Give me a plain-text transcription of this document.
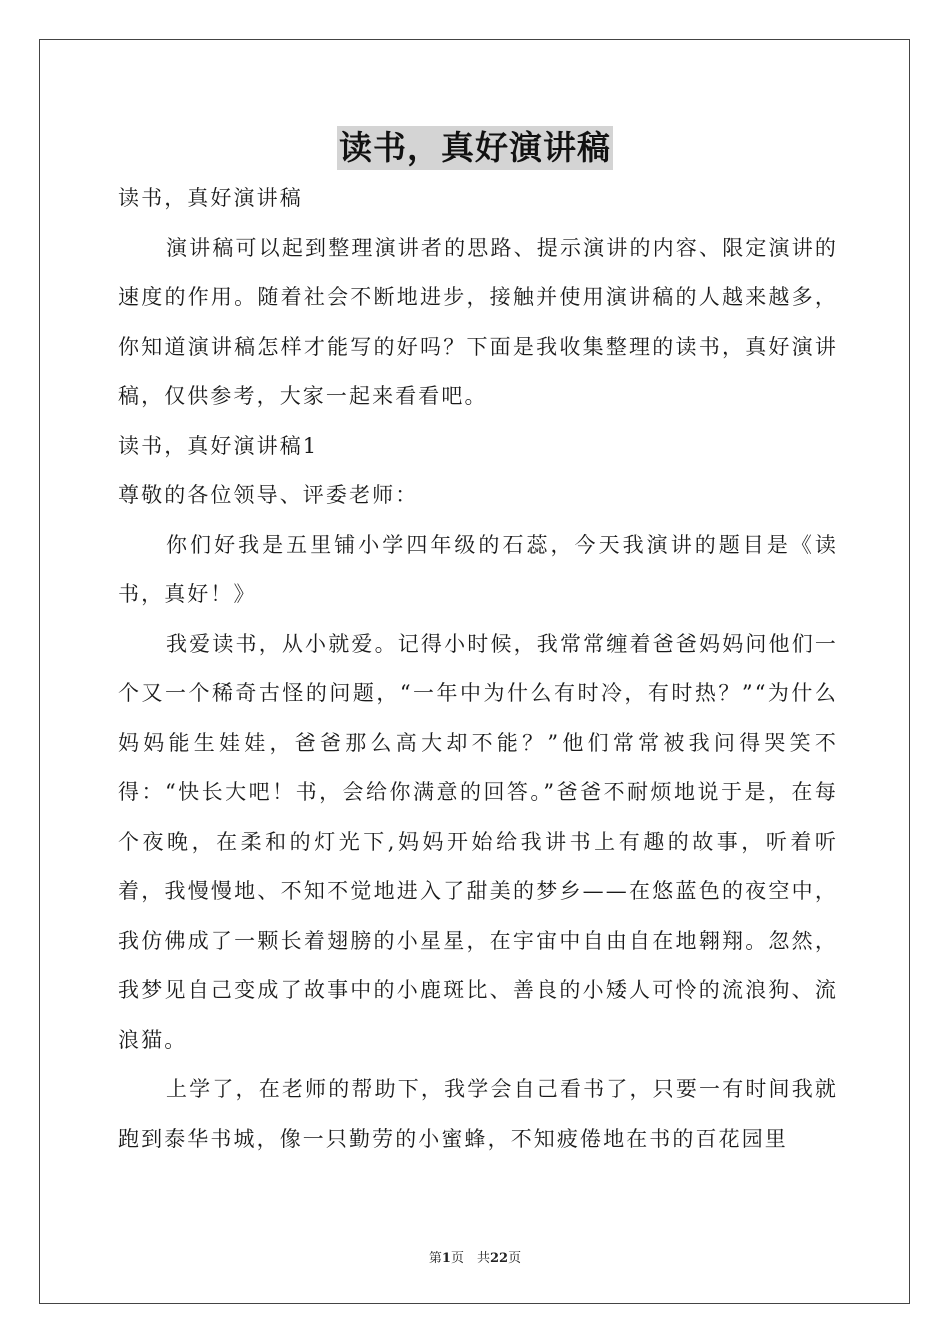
读书，真好演讲稿

读书，真好演讲稿

演讲稿可以起到整理演讲者的思路、提示演讲的内容、限定演讲的速度的作用。随着社会不断地进步，接触并使用演讲稿的人越来越多，你知道演讲稿怎样才能写的好吗？下面是我收集整理的读书，真好演讲稿，仅供参考，大家一起来看看吧。

读书，真好演讲稿1

尊敬的各位领导、评委老师：

你们好我是五里铺小学四年级的石蕊，今天我演讲的题目是《读书，真好！》

我爱读书，从小就爱。记得小时候，我常常缠着爸爸妈妈问他们一个又一个稀奇古怪的问题，“一年中为什么有时冷，有时热？”“为什么妈妈能生娃娃，爸爸那么高大却不能？”他们常常被我问得哭笑不得：“快长大吧！书，会给你满意的回答。”爸爸不耐烦地说于是，在每个夜晚，在柔和的灯光下,妈妈开始给我讲书上有趣的故事，听着听着，我慢慢地、不知不觉地进入了甜美的梦乡——在悠蓝色的夜空中，我仿佛成了一颗长着翅膀的小星星，在宇宙中自由自在地翱翔。忽然，我梦见自己变成了故事中的小鹿斑比、善良的小矮人可怜的流浪狗、流浪猫。

上学了，在老师的帮助下，我学会自己看书了，只要一有时间我就跑到泰华书城，像一只勤劳的小蜜蜂，不知疲倦地在书的百花园里

第1页　共22页
